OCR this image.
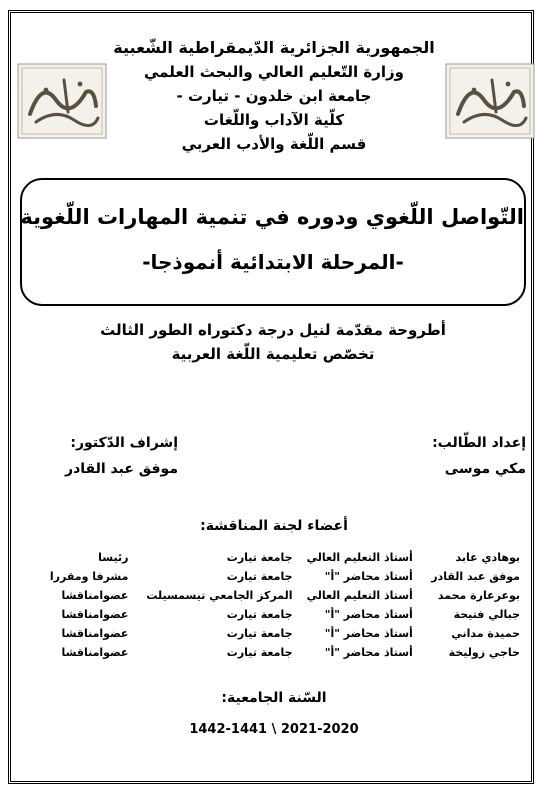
الجمهورية الجزائرية الدّيمقراطية الشّعبية
وزارة التّعليم العالي والبحث العلمي
جامعة ابن خلدون - تيارت -
كلّية الآداب واللّغات
قسم اللّغة والأدب العربي
التّواصل اللّغوي ودوره في تنمية المهارات اللّغوية
-المرحلة الابتدائية أنموذجا-
أطروحة مقدّمة لنيل درجة دكتوراه الطور الثالث
تخصّص تعليمية اللّغة العربية
إعداد الطّالب:
مكي موسى
إشراف الدّكتور:
موفق عبد القادر
أعضاء لجنة المناقشة:
بوهادي عابد	أستاذ التعليم العالي	جامعة تيارت	رئيسا
موفق عبد القادر	أستاذ محاضر "أ"	جامعة تيارت	مشرفا ومقررا
بوعرعارة محمد	أستاذ التعليم العالي	المركز الجامعي تيسمسيلت	عضوامناقشا
جبالي فتيحة	أستاذ محاضر "أ"	جامعة تيارت	عضوامناقشا
حميدة مداني	أستاذ محاضر "أ"	جامعة تيارت	عضوامناقشا
حاجي زوليخة	أستاذ محاضر "أ"	جامعة تيارت	عضوامناقشا
السّنة الجامعية:
1442-1441 \ 2021-2020
